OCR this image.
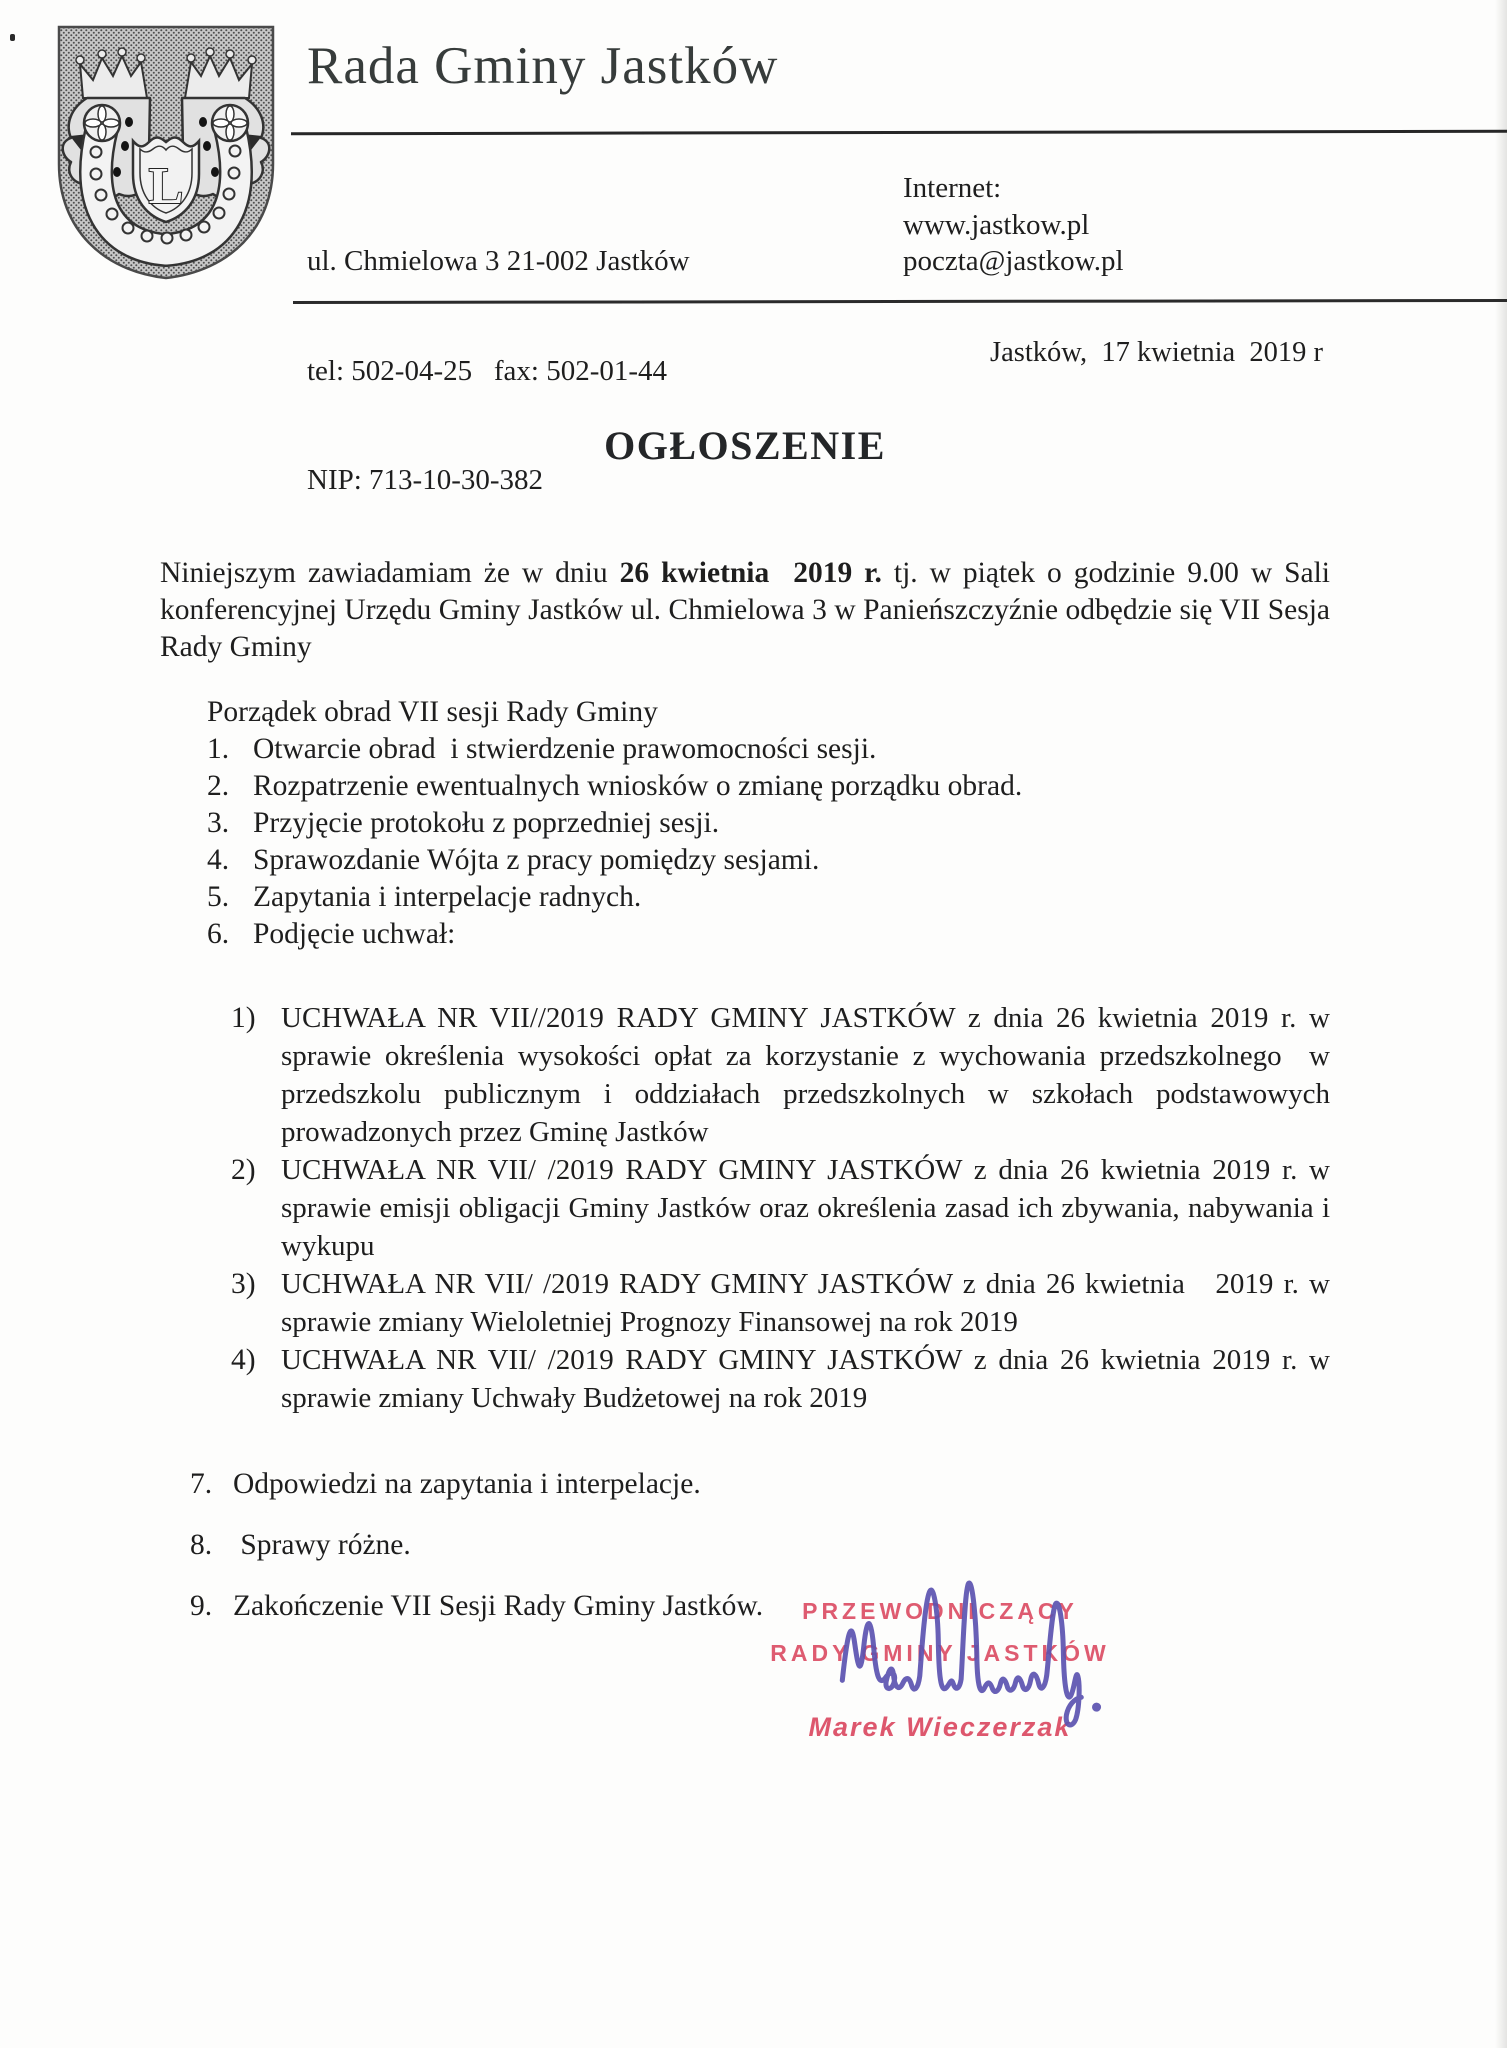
L
Rada Gminy Jastków

ul. Chmielowa 3 21-002 Jastków

tel: 502-04-25   fax: 502-01-44

NIP: 713-10-30-382

Internet:
www.jastkow.pl
poczta@jastkow.pl
Jastków,  17 kwietnia  2019 r
OGŁOSZENIE

Niniejszym zawiadamiam że w dniu 26 kwietnia  2019 r. tj. w piątek o godzinie 9.00 w Sali konferencyjnej Urzędu Gminy Jastków ul. Chmielowa 3 w Panieńszczyźnie odbędzie się VII Sesja Rady Gminy

Porządek obrad VII sesji Rady Gminy
1. Otwarcie obrad  i stwierdzenie prawomocności sesji.
2. Rozpatrzenie ewentualnych wniosków o zmianę porządku obrad.
3. Przyjęcie protokołu z poprzedniej sesji.
4. Sprawozdanie Wójta z pracy pomiędzy sesjami.
5. Zapytania i interpelacje radnych.
6. Podjęcie uchwał:
1) UCHWAŁA NR VII//2019 RADY GMINY JASTKÓW z dnia 26 kwietnia 2019 r. w sprawie określenia wysokości opłat za korzystanie z wychowania przedszkolnego  w przedszkolu publicznym i oddziałach przedszkolnych w szkołach podstawowych prowadzonych przez Gminę Jastków
2) UCHWAŁA NR VII/ /2019 RADY GMINY JASTKÓW z dnia 26 kwietnia 2019 r. w sprawie emisji obligacji Gminy Jastków oraz określenia zasad ich zbywania, nabywania i wykupu
3) UCHWAŁA NR VII/ /2019 RADY GMINY JASTKÓW z dnia 26 kwietnia   2019 r. w sprawie zmiany Wieloletniej Prognozy Finansowej na rok 2019
4) UCHWAŁA NR VII/ /2019 RADY GMINY JASTKÓW z dnia 26 kwietnia 2019 r. w sprawie zmiany Uchwały Budżetowej na rok 2019
7. Odpowiedzi na zapytania i interpelacje.
8. Sprawy różne.
9. Zakończenie VII Sesji Rady Gminy Jastków.	PRZEWODNICZĄCY
RADY GMINY JASTKÓW
Marek Wieczerzak
